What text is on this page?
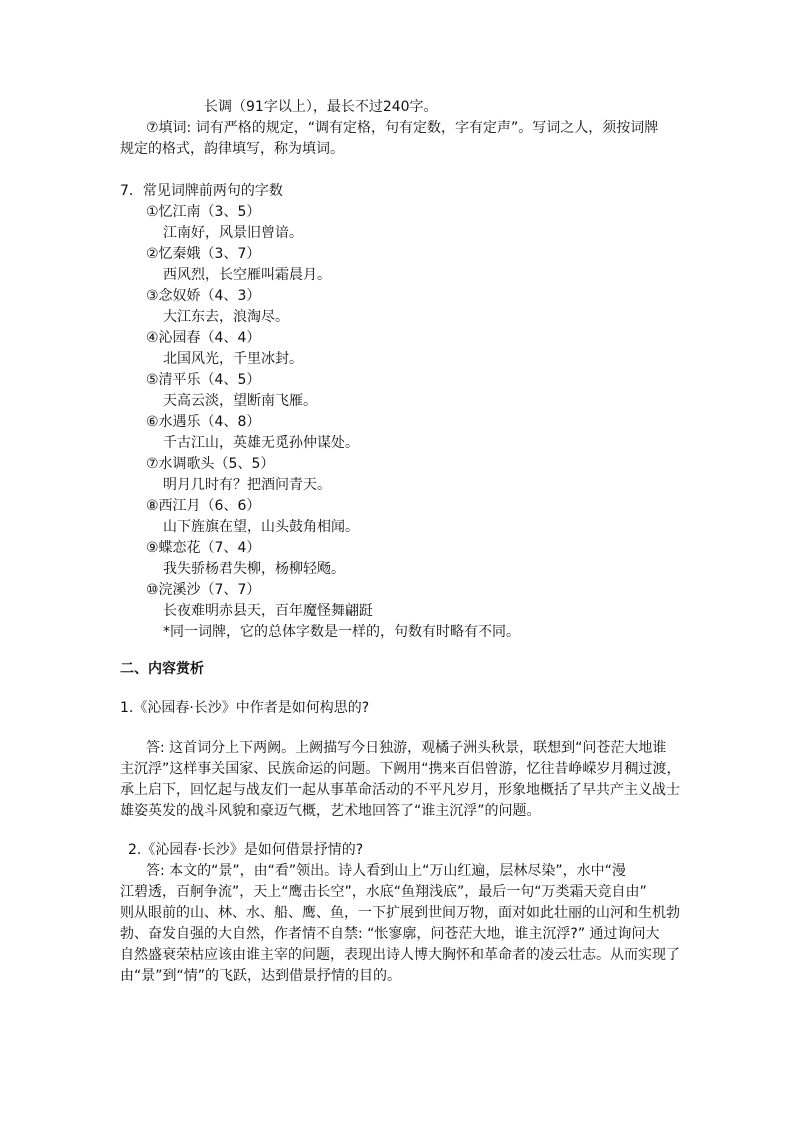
长调（91字以上），最长不过240字。
⑦填词: 词有严格的规定，“调有定格，句有定数，字有定声”。写词之人，须按词牌
规定的格式，韵律填写，称为填词。
7．常见词牌前两句的字数
①忆江南（3、5）
江南好，风景旧曾谙。
②忆秦娥（3、7）
西风烈，长空雁叫霜晨月。
③念奴娇（4、3）
大江东去，浪淘尽。
④沁园春（4、4）
北国风光，千里冰封。
⑤清平乐（4、5）
天高云淡，望断南飞雁。
⑥水遇乐（4、8）
千古江山，英雄无觅孙仲谋处。
⑦水调歌头（5、5）
明月几时有？把酒问青天。
⑧西江月（6、6）
山下旌旗在望，山头鼓角相闻。
⑨蝶恋花（7、4）
我失骄杨君失柳，杨柳轻飏。
⑩浣溪沙（7、7）
长夜难明赤县天，百年魔怪舞翩跹
*同一词牌，它的总体字数是一样的，句数有时略有不同。
二、内容赏析
1.《沁园春·长沙》中作者是如何构思的?
答: 这首词分上下两阙。上阙描写今日独游，观橘子洲头秋景，联想到“问苍茫大地谁
主沉浮”这样事关国家、民族命运的问题。下阙用“携来百侣曾游，忆往昔峥嵘岁月稠过渡，
承上启下，回忆起与战友们一起从事革命活动的不平凡岁月，形象地概括了早共产主义战士
雄姿英发的战斗风貌和豪迈气概，艺术地回答了“谁主沉浮”的问题。
2.《沁园春·长沙》是如何借景抒情的?
答: 本文的“景”，由“看”领出。诗人看到山上“万山红遍，层林尽染”，水中“漫
江碧透，百舸争流”，天上“鹰击长空”，水底“鱼翔浅底”，最后一句“万类霜天竞自由”
则从眼前的山、林、水、船、鹰、鱼，一下扩展到世间万物，面对如此壮丽的山河和生机勃
勃、奋发自强的大自然，作者情不自禁: “怅寥廓，问苍茫大地，谁主沉浮?” 通过询问大
自然盛衰荣枯应该由谁主宰的问题，表现出诗人博大胸怀和革命者的凌云壮志。从而实现了
由“景”到“情”的飞跃，达到借景抒情的目的。
